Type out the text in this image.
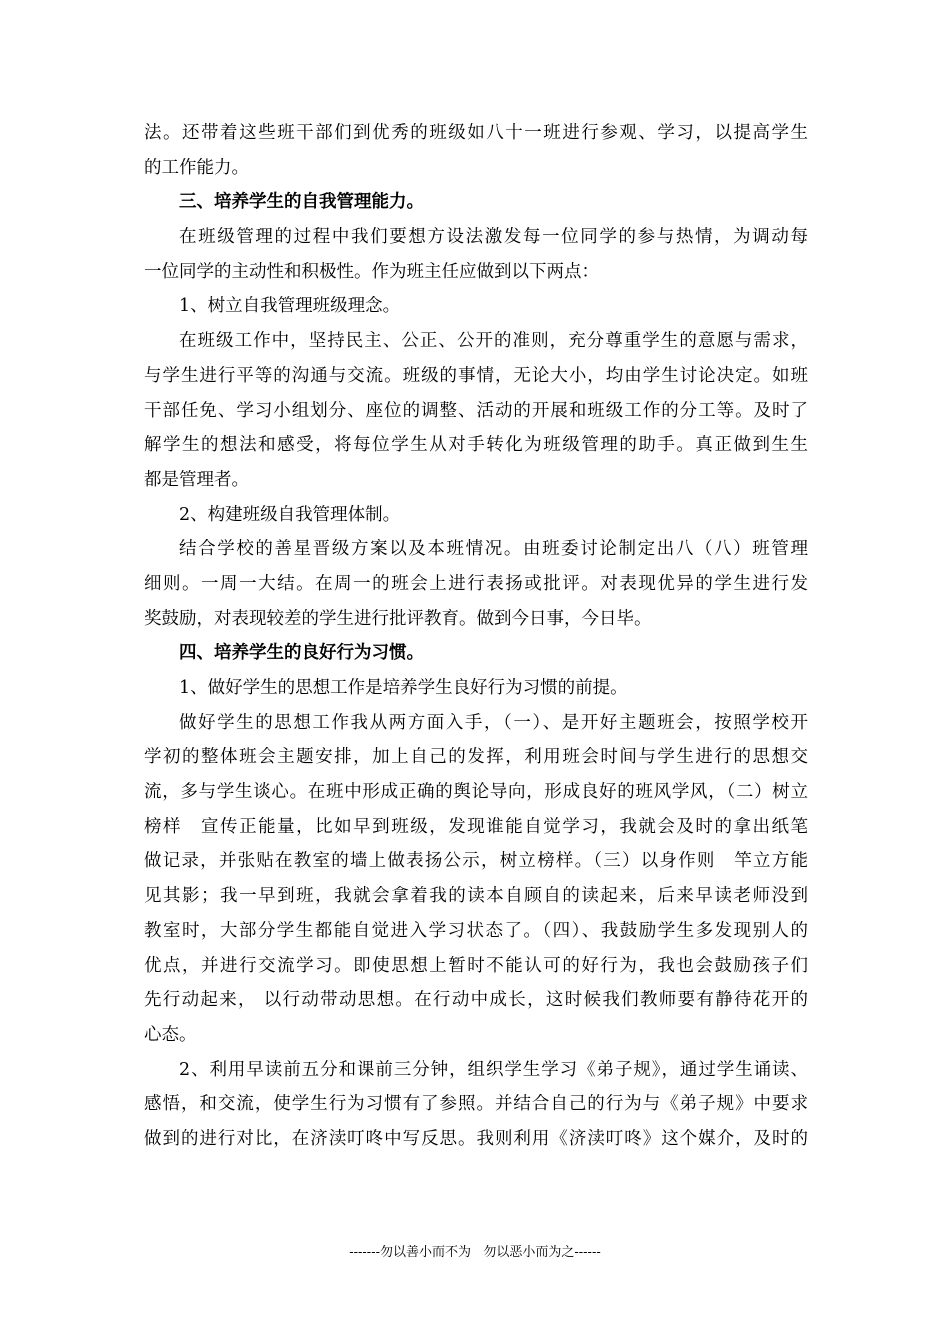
法。还带着这些班干部们到优秀的班级如八十一班进行参观、学习，以提高学生
的工作能力。
三、培养学生的自我管理能力。
在班级管理的过程中我们要想方设法激发每一位同学的参与热情，为调动每
一位同学的主动性和积极性。作为班主任应做到以下两点：
1、树立自我管理班级理念。
在班级工作中，坚持民主、公正、公开的准则，充分尊重学生的意愿与需求，
与学生进行平等的沟通与交流。班级的事情，无论大小，均由学生讨论决定。如班
干部任免、学习小组划分、座位的调整、活动的开展和班级工作的分工等。及时了
解学生的想法和感受，将每位学生从对手转化为班级管理的助手。真正做到生生
都是管理者。
2、构建班级自我管理体制。
结合学校的善星晋级方案以及本班情况。由班委讨论制定出八（八）班管理
细则。一周一大结。在周一的班会上进行表扬或批评。对表现优异的学生进行发
奖鼓励，对表现较差的学生进行批评教育。做到今日事，今日毕。
四、培养学生的良好行为习惯。
1、做好学生的思想工作是培养学生良好行为习惯的前提。
做好学生的思想工作我从两方面入手，（一）、是开好主题班会，按照学校开
学初的整体班会主题安排，加上自己的发挥，利用班会时间与学生进行的思想交
流，多与学生谈心。在班中形成正确的舆论导向，形成良好的班风学风，（二）树立
榜样　宣传正能量，比如早到班级，发现谁能自觉学习，我就会及时的拿出纸笔
做记录，并张贴在教室的墙上做表扬公示，树立榜样。（三）以身作则　竿立方能
见其影；我一早到班，我就会拿着我的读本自顾自的读起来，后来早读老师没到
教室时，大部分学生都能自觉进入学习状态了。（四）、我鼓励学生多发现别人的
优点，并进行交流学习。即使思想上暂时不能认可的好行为，我也会鼓励孩子们
先行动起来， 以行动带动思想。在行动中成长，这时候我们教师要有静待花开的
心态。
2、利用早读前五分和课前三分钟，组织学生学习《弟子规》，通过学生诵读、
感悟，和交流，使学生行为习惯有了参照。并结合自己的行为与《弟子规》中要求
做到的进行对比，在济渎叮咚中写反思。我则利用《济渎叮咚》这个媒介，及时的
-------勿以善小而不为   勿以恶小而为之------
